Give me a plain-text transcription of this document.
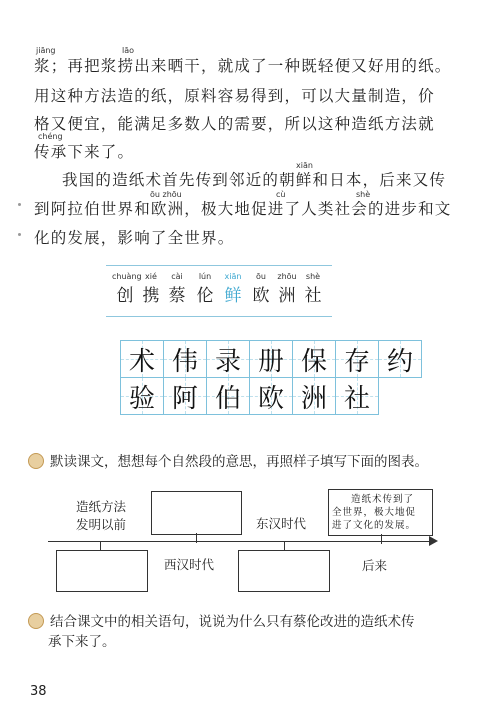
jiāng	lāo
浆；再把浆捞出来晒干，就成了一种既轻便又好用的纸。
用这种方法造的纸，原料容易得到，可以大量制造，价
格又便宜，能满足多数人的需要，所以这种造纸方法就
chéng
传承下来了。
xiān
我国的造纸术首先传到邻近的朝鲜和日本，后来又传
ōu zhōu	cù	shè
到阿拉伯世界和欧洲，极大地促进了人类社会的进步和文
化的发展，影响了全世界。
chuàng
创
xié
携
cài
蔡
lún
伦
xiān
鲜
ōu
欧
zhōu
洲
shè
社
术 伟 录 册 保 存 约
验 阿 伯 欧 洲 社
默读课文，想想每个自然段的意思，再照样子填写下面的图表。
造纸方法
发明以前	东汉时代
造纸术传到了
全世界，极大地促
进了文化的发展。
西汉时代	后来
结合课文中的相关语句，说说为什么只有蔡伦改进的造纸术传
承下来了。
38
